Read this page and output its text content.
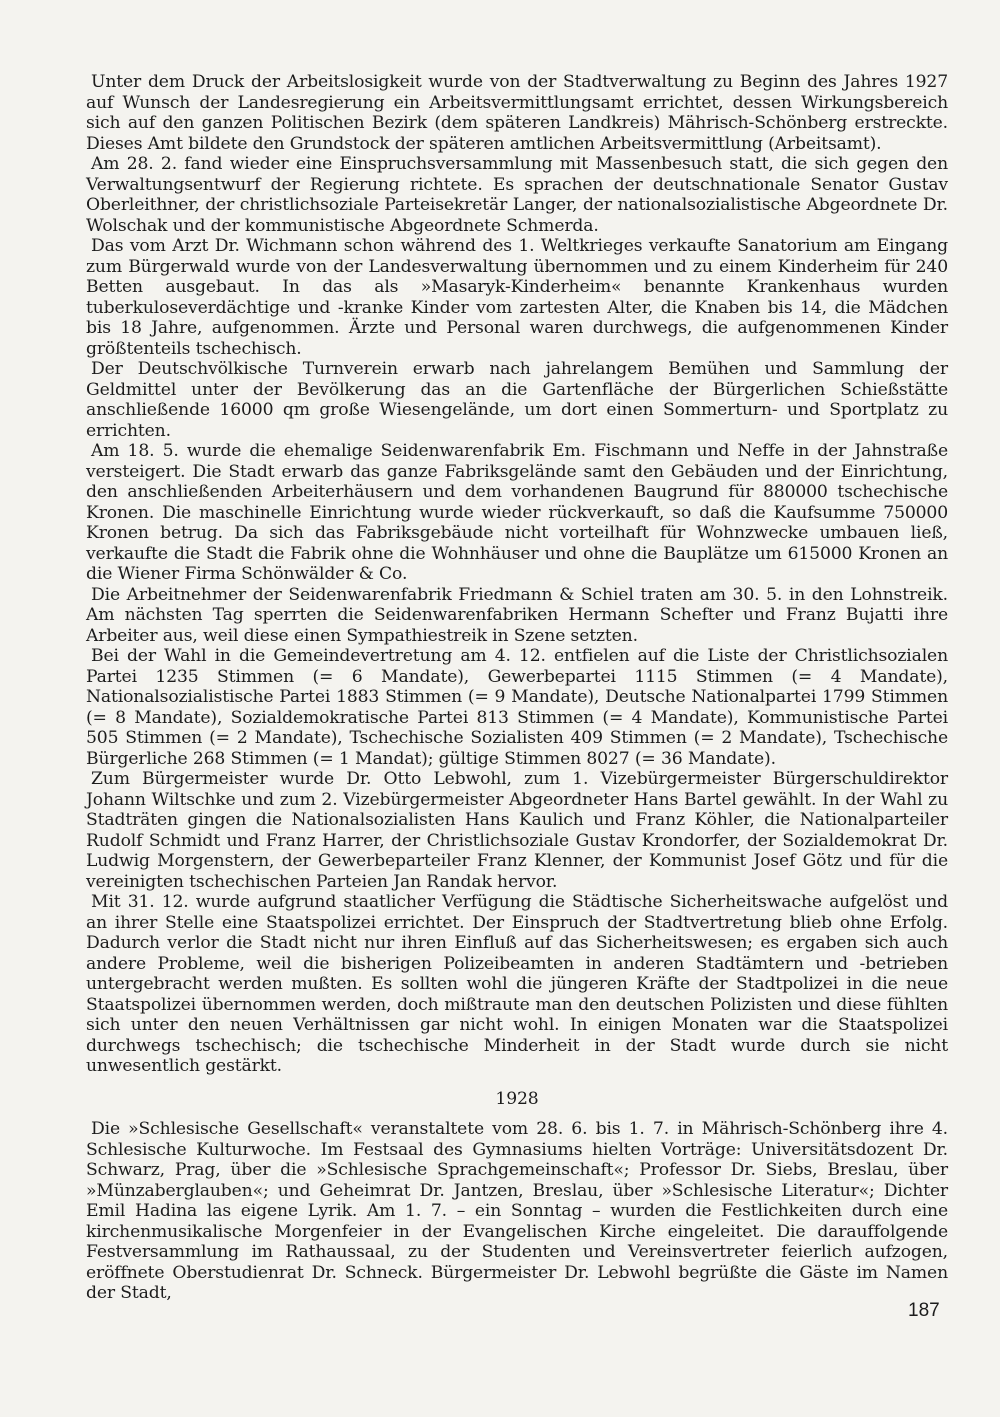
Unter dem Druck der Arbeitslosigkeit wurde von der Stadtverwaltung zu Beginn des Jahres 1927 auf Wunsch der Landesregierung ein Arbeitsvermittlungsamt errichtet, dessen Wirkungsbereich sich auf den ganzen Politischen Bezirk (dem späteren Landkreis) Mährisch-Schönberg erstreckte. Dieses Amt bildete den Grundstock der späteren amtlichen Arbeitsvermittlung (Arbeitsamt).

Am 28. 2. fand wieder eine Einspruchsversammlung mit Massenbesuch statt, die sich gegen den Verwaltungsentwurf der Regierung richtete. Es sprachen der deutschnationale Senator Gustav Oberleithner, der christlichsoziale Parteisekretär Langer, der nationalsozialistische Abgeordnete Dr. Wolschak und der kommunistische Abgeordnete Schmerda.

Das vom Arzt Dr. Wichmann schon während des 1. Weltkrieges verkaufte Sanatorium am Eingang zum Bürgerwald wurde von der Landesverwaltung übernommen und zu einem Kinderheim für 240 Betten ausgebaut. In das als »Masaryk-Kinderheim« benannte Krankenhaus wurden tuberkuloseverdächtige und -kranke Kinder vom zartesten Alter, die Knaben bis 14, die Mädchen bis 18 Jahre, aufgenommen. Ärzte und Personal waren durchwegs, die aufgenommenen Kinder größtenteils tschechisch.

Der Deutschvölkische Turnverein erwarb nach jahrelangem Bemühen und Sammlung der Geldmittel unter der Bevölkerung das an die Gartenfläche der Bürgerlichen Schießstätte anschließende 16000 qm große Wiesengelände, um dort einen Sommerturn- und Sportplatz zu errichten.

Am 18. 5. wurde die ehemalige Seidenwarenfabrik Em. Fischmann und Neffe in der Jahnstraße versteigert. Die Stadt erwarb das ganze Fabriksgelände samt den Gebäuden und der Einrichtung, den anschließenden Arbeiterhäusern und dem vorhandenen Baugrund für 880000 tschechische Kronen. Die maschinelle Einrichtung wurde wieder rückverkauft, so daß die Kaufsumme 750000 Kronen betrug. Da sich das Fabriksgebäude nicht vorteilhaft für Wohnzwecke umbauen ließ, verkaufte die Stadt die Fabrik ohne die Wohnhäuser und ohne die Bauplätze um 615000 Kronen an die Wiener Firma Schönwälder & Co.

Die Arbeitnehmer der Seidenwarenfabrik Friedmann & Schiel traten am 30. 5. in den Lohnstreik. Am nächsten Tag sperrten die Seidenwarenfabriken Hermann Schefter und Franz Bujatti ihre Arbeiter aus, weil diese einen Sympathiestreik in Szene setzten.

Bei der Wahl in die Gemeindevertretung am 4. 12. entfielen auf die Liste der Christlichsozialen Partei 1235 Stimmen (= 6 Mandate), Gewerbepartei 1115 Stimmen (= 4 Mandate), Nationalsozialistische Partei 1883 Stimmen (= 9 Mandate), Deutsche Nationalpartei 1799 Stimmen (= 8 Mandate), Sozialdemokratische Partei 813 Stimmen (= 4 Mandate), Kommunistische Partei 505 Stimmen (= 2 Mandate), Tschechische Sozialisten 409 Stimmen (= 2 Mandate), Tschechische Bürgerliche 268 Stimmen (= 1 Mandat); gültige Stimmen 8027 (= 36 Mandate).

Zum Bürgermeister wurde Dr. Otto Lebwohl, zum 1. Vizebürgermeister Bürgerschuldirektor Johann Wiltschke und zum 2. Vizebürgermeister Abgeordneter Hans Bartel gewählt. In der Wahl zu Stadträten gingen die Nationalsozialisten Hans Kaulich und Franz Köhler, die Nationalparteiler Rudolf Schmidt und Franz Harrer, der Christlichsoziale Gustav Krondorfer, der Sozialdemokrat Dr. Ludwig Morgenstern, der Gewerbeparteiler Franz Klenner, der Kommunist Josef Götz und für die vereinigten tschechischen Parteien Jan Randak hervor.

Mit 31. 12. wurde aufgrund staatlicher Verfügung die Städtische Sicherheitswache aufgelöst und an ihrer Stelle eine Staatspolizei errichtet. Der Einspruch der Stadtvertretung blieb ohne Erfolg. Dadurch verlor die Stadt nicht nur ihren Einfluß auf das Sicherheitswesen; es ergaben sich auch andere Probleme, weil die bisherigen Polizeibeamten in anderen Stadtämtern und -betrieben untergebracht werden mußten. Es sollten wohl die jüngeren Kräfte der Stadtpolizei in die neue Staatspolizei übernommen werden, doch mißtraute man den deutschen Polizisten und diese fühlten sich unter den neuen Verhältnissen gar nicht wohl. In einigen Monaten war die Staatspolizei durchwegs tschechisch; die tschechische Minderheit in der Stadt wurde durch sie nicht unwesentlich gestärkt.

1928

Die »Schlesische Gesellschaft« veranstaltete vom 28. 6. bis 1. 7. in Mährisch-Schönberg ihre 4. Schlesische Kulturwoche. Im Festsaal des Gymnasiums hielten Vorträge: Universitätsdozent Dr. Schwarz, Prag, über die »Schlesische Sprachgemeinschaft«; Professor Dr. Siebs, Breslau, über »Münzaberglauben«; und Geheimrat Dr. Jantzen, Breslau, über »Schlesische Literatur«; Dichter Emil Hadina las eigene Lyrik. Am 1. 7. – ein Sonntag – wurden die Festlichkeiten durch eine kirchenmusikalische Morgenfeier in der Evangelischen Kirche eingeleitet. Die darauffolgende Festversammlung im Rathaussaal, zu der Studenten und Vereinsvertreter feierlich aufzogen, eröffnete Oberstudienrat Dr. Schneck. Bürgermeister Dr. Lebwohl begrüßte die Gäste im Namen der Stadt,

187
